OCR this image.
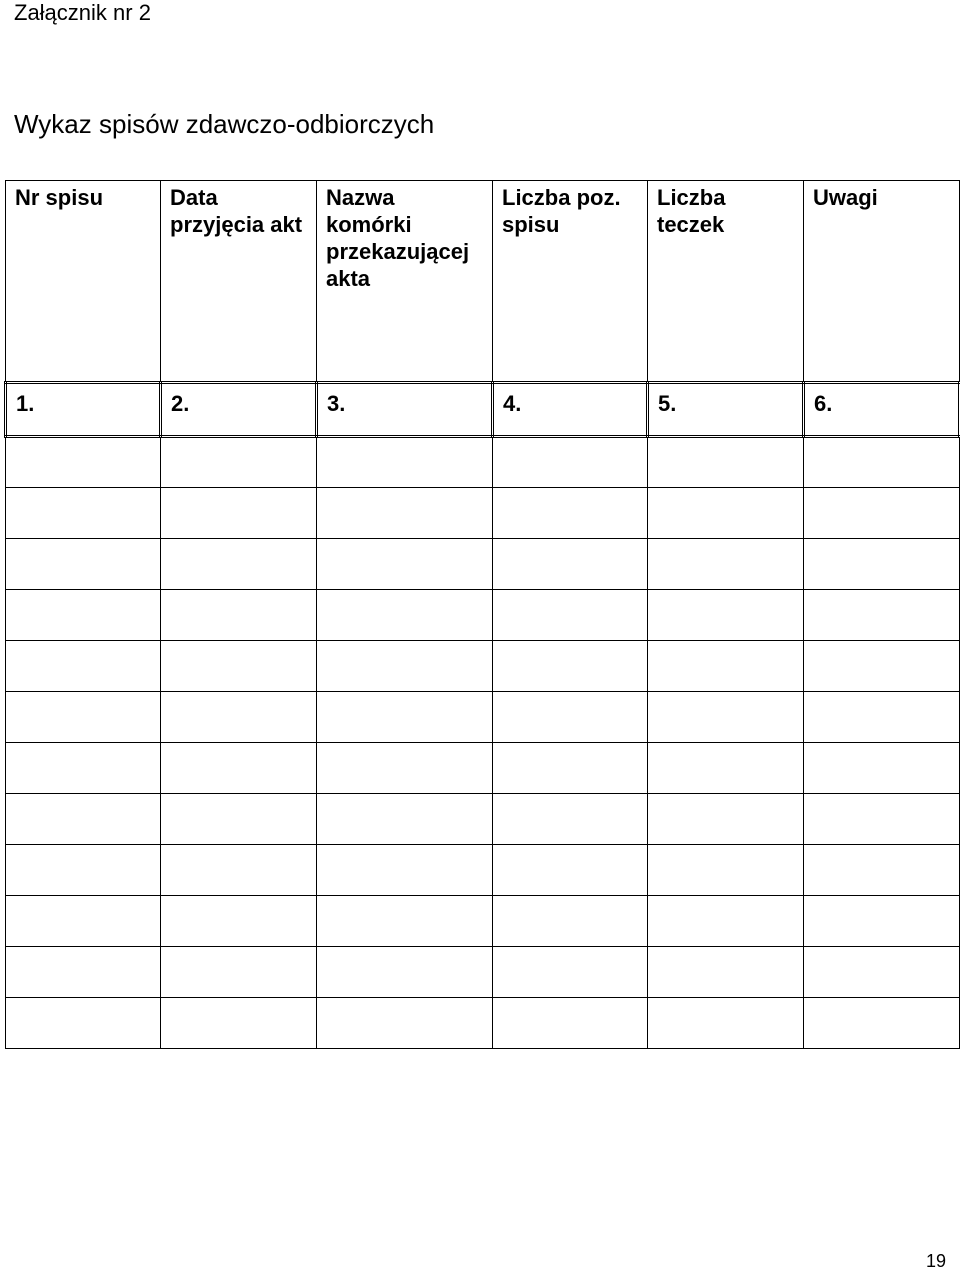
Załącznik nr 2
Wykaz spisów zdawczo-odbiorczych
Nr spisu	Data przyjęcia akt	Nazwa komórki przekazującej akta	Liczba poz. spisu	Liczba teczek	Uwagi
1.	2.	3.	4.	5.	6.

19
